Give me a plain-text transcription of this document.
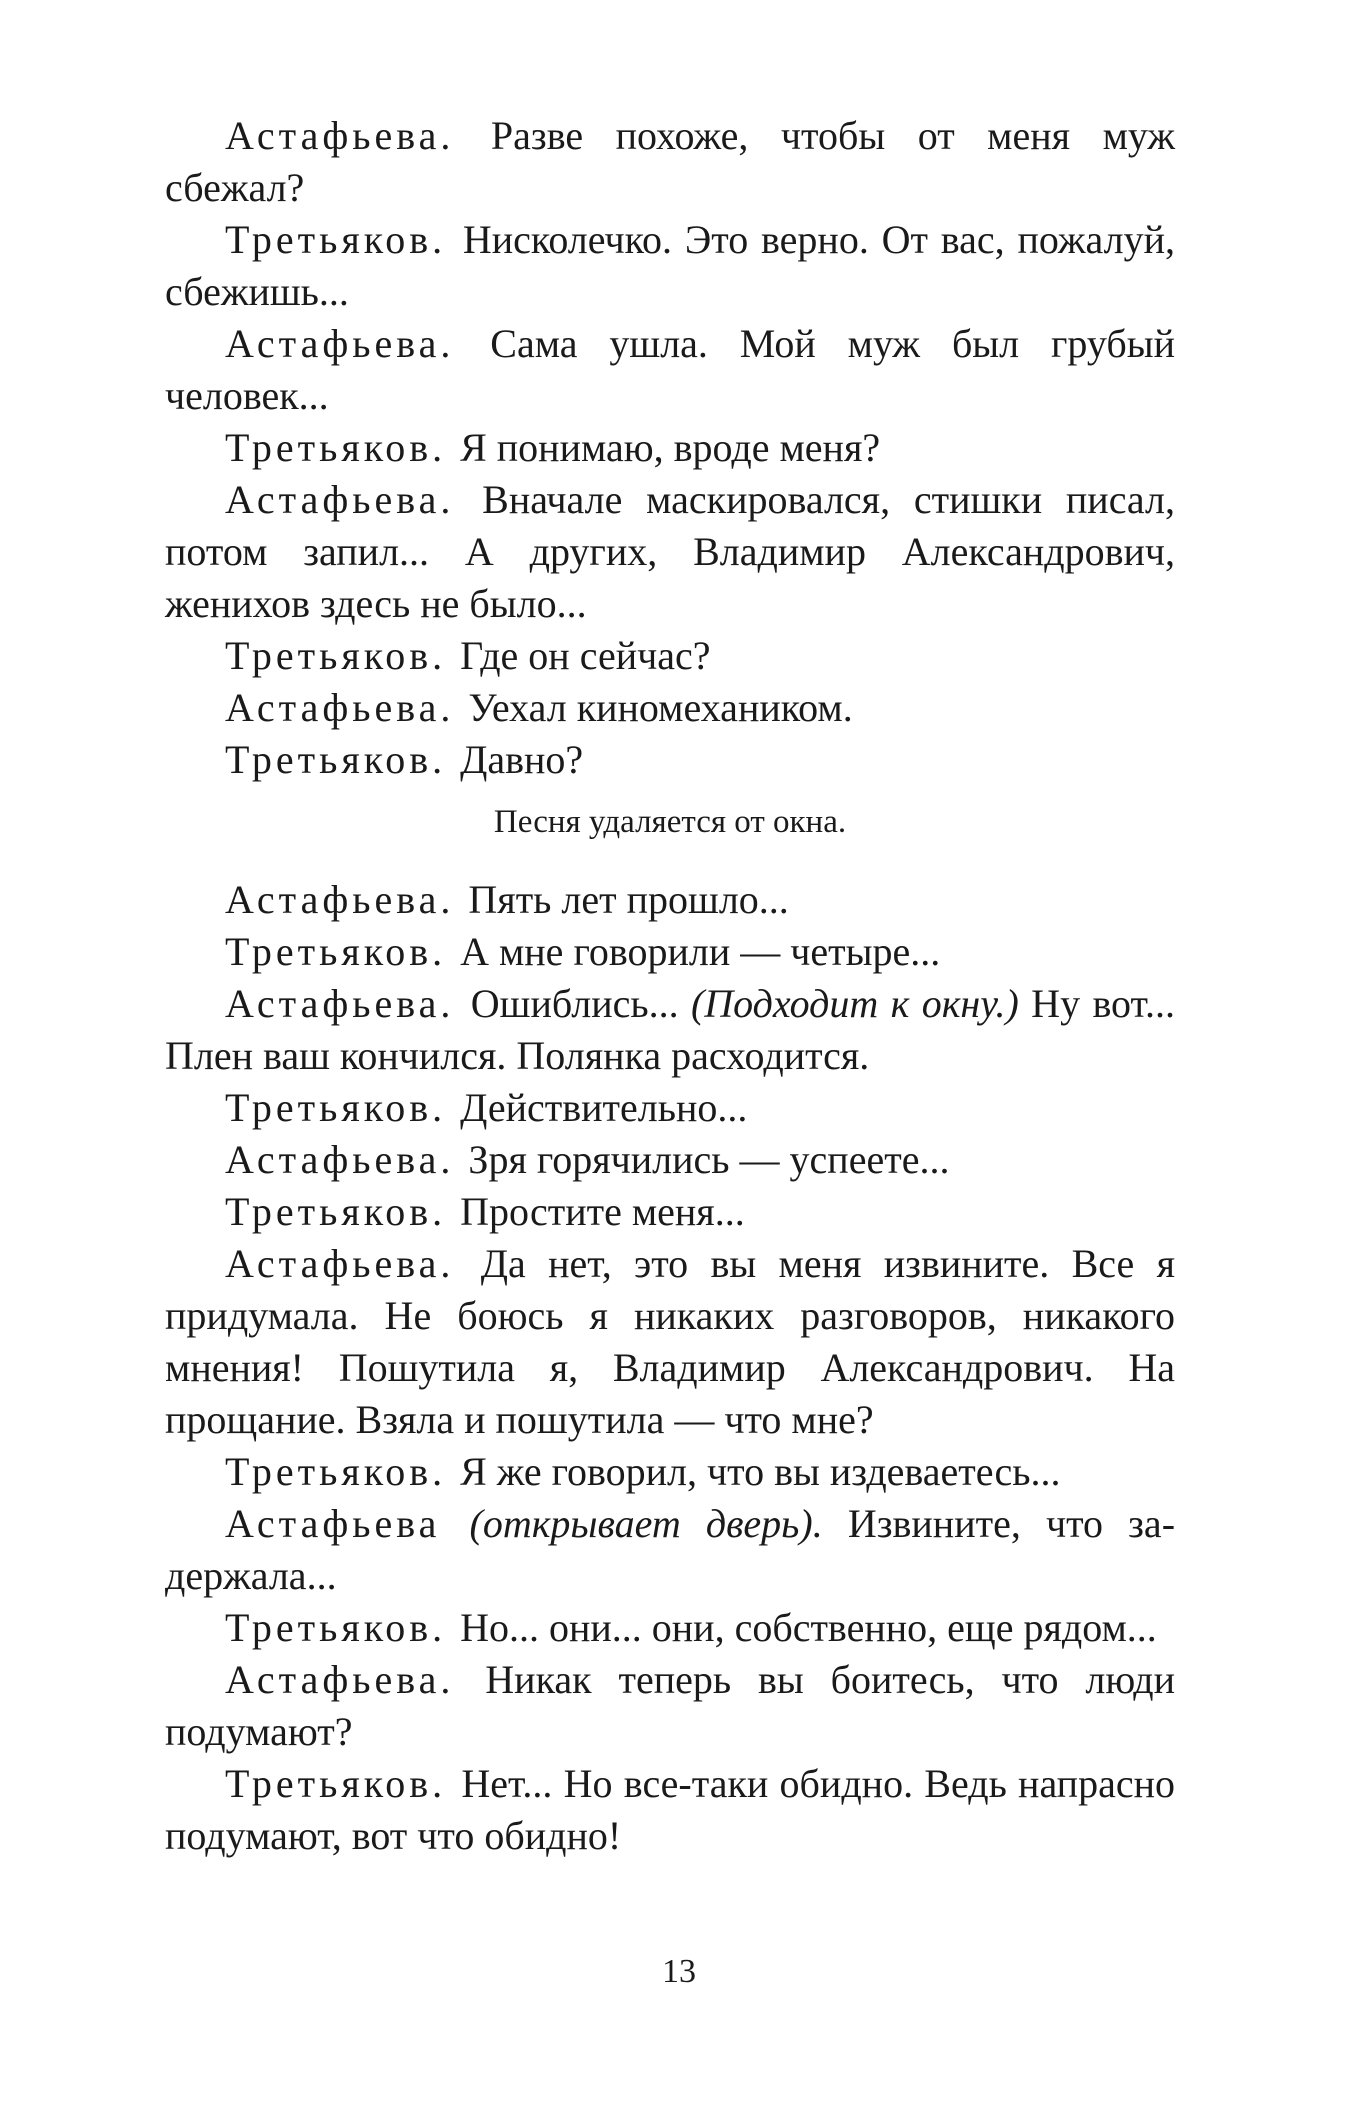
Астафьева. Разве похоже, чтобы от меня муж сбежал?

Третьяков. Нисколечко. Это верно. От вас, пожалуй, сбежишь...

Астафьева. Сама ушла. Мой муж был грубый человек...

Третьяков. Я понимаю, вроде меня?

Астафьева. Вначале маскировался, стишки писал, потом запил... А других, Владимир Александрович, женихов здесь не было...

Третьяков. Где он сейчас?

Астафьева. Уехал киномехаником.

Третьяков. Давно?

Песня удаляется от окна.

Астафьева. Пять лет прошло...

Третьяков. А мне говорили — четыре...

Астафьева. Ошиблись... (Подходит к окну.) Ну вот... Плен ваш кончился. Полянка расходится.

Третьяков. Действительно...

Астафьева. Зря горячились — успеете...

Третьяков. Простите меня...

Астафьева. Да нет, это вы меня извините. Все я придумала. Не боюсь я никаких разговоров, никакого мнения! Пошутила я, Владимир Александрович. На прощание. Взяла и пошутила — что мне?

Третьяков. Я же говорил, что вы издеваетесь...

Астафьева (открывает дверь). Извините, что задержала...

Третьяков. Но... они... они, собственно, еще рядом...

Астафьева. Никак теперь вы боитесь, что люди подумают?

Третьяков. Нет... Но все-таки обидно. Ведь напрасно подумают, вот что обидно!

13
